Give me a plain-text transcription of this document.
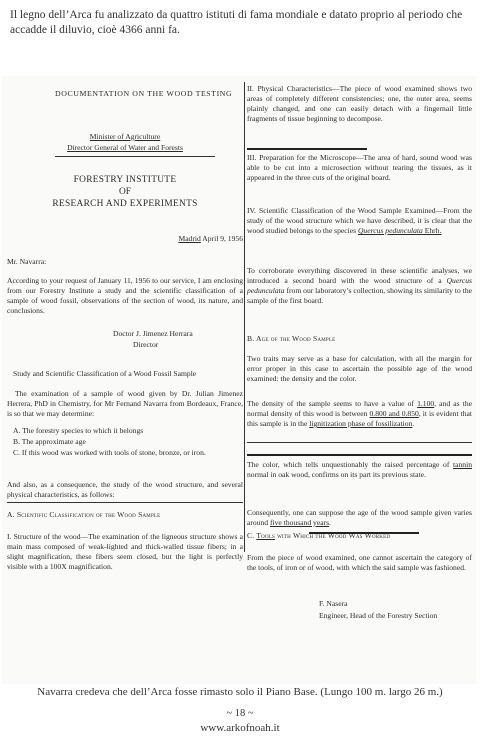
Il legno dell’Arca fu analizzato da quattro istituti di fama mondiale e datato proprio al periodo che accadde il diluvio, cioè 4366 anni fa.

DOCUMENTATION ON THE WOOD TESTING

Minister of Agriculture

Director General of Water and Forests

FORESTRY INSTITUTE

OF

RESEARCH AND EXPERIMENTS

Madrid April 9, 1956

Mr. Navarra:

According to your request of January 11, 1956 to our service, I am enclosing from our Forestry Institute a study and the scientific classification of a sample of wood fossil, observations of the section of wood, its nature, and conclusions.

Doctor J. Jimenez Herrara

Director

Study and Scientific Classification of a Wood Fossil Sample

The examination of a sample of wood given by Dr. Julian Jimenez Herrera, PhD in Chemistry, for Mr Fernand Navarra from Bordeaux, France, is so that we may determine:

A. The forestry species to which it belongs

B. The approximate age

C. If this wood was worked with tools of stone, bronze, or iron.

And also, as a consequence, the study of the wood structure, and several physical characteristics, as follows:

A. Scientific Classification of the Wood Sample

I. Structure of the wood—The examination of the ligneous structure shows a main mass composed of weak-lighted and thick-walled tissue fibers; in a slight magnification, these fibers seem closed, but the light is perfectly visible with a 100X magnification.

II. Physical Characteristics—The piece of wood examined shows two areas of completely different consistencies; one, the outer area, seems plainly changed, and one can easily detach with a fingernail little fragments of tissue beginning to decompose.

III. Preparation for the Microscope—The area of hard, sound wood was able to be cut into a microsection without tearing the tissues, as it appeared in the three cuts of the original board.

IV. Scientific Classification of the Wood Sample Examined—From the study of the wood structure which we have described, it is clear that the wood studied belongs to the species Quercus pedunculata Ehrh.

To corroborate everything discovered in these scientific analyses, we introduced a second board with the wood structure of a Quercus pedunculata from our laboratory’s collection, showing its similarity to the sample of the first board.

B. Age of the Wood Sample

Two traits may serve as a base for calculation, with all the margin for error proper in this case to ascertain the possible age of the wood examined: the density and the color.

The density of the sample seems to have a value of 1.100, and as the normal density of this wood is between 0.800 and 0.850, it is evident that this sample is in the lignitization phase of fossilization.

The color, which tells unquestionably the raised percentage of tannin normal in oak wood, confirms on its part its previous state.

Consequently, one can suppose the age of the wood sample given varies around five thousand years.

C. Tools with Which the Wood Was Worked

From the piece of wood examined, one cannot ascertain the category of the tools, of iron or of wood, with which the said sample was fashioned.

F. Nasera

Engineer, Head of the Forestry Section

Navarra credeva che dell’Arca fosse rimasto solo il Piano Base. (Lungo 100 m. largo 26 m.)
~ 18 ~
www.arkofnoah.it
